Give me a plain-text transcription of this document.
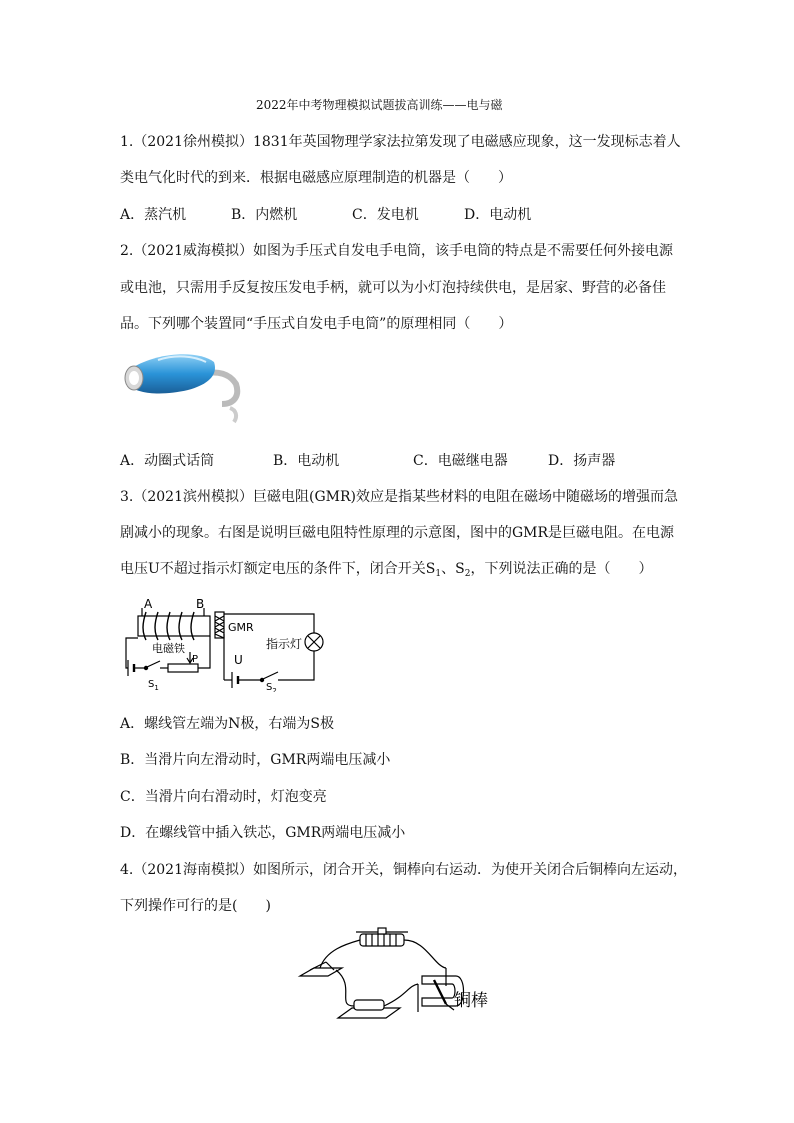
2022年中考物理模拟试题拔高训练——电与磁
1.（2021徐州模拟）1831年英国物理学家法拉第发现了电磁感应现象，这一发现标志着人
类电气化时代的到来．根据电磁感应原理制造的机器是（　　）
A．蒸汽机	B．内燃机	C．发电机	D．电动机
2.（2021威海模拟）如图为手压式自发电手电筒，该手电筒的特点是不需要任何外接电源
或电池，只需用手反复按压发电手柄，就可以为小灯泡持续供电，是居家、野营的必备佳
品。下列哪个装置同“手压式自发电手电筒”的原理相同（　　）
A．动圈式话筒	B．电动机	C．电磁继电器	D．扬声器
3.（2021滨州模拟）巨磁电阻(GMR)效应是指某些材料的电阻在磁场中随磁场的增强而急
剧减小的现象。右图是说明巨磁电阻特性原理的示意图，图中的GMR是巨磁电阻。在电源
电压U不超过指示灯额定电压的条件下，闭合开关$S_1$、$S_2$，下列说法正确的是（　　）
A	B
GMR
电磁铁
P	U
指示灯
$S_1$	$S_2$
A．螺线管左端为N极，右端为S极
B．当滑片向左滑动时，GMR两端电压减小
C．当滑片向右滑动时，灯泡变亮
D．在螺线管中插入铁芯，GMR两端电压减小
4.（2021海南模拟）如图所示，闭合开关，铜棒向右运动．为使开关闭合后铜棒向左运动，
下列操作可行的是(　　)
铜棒
